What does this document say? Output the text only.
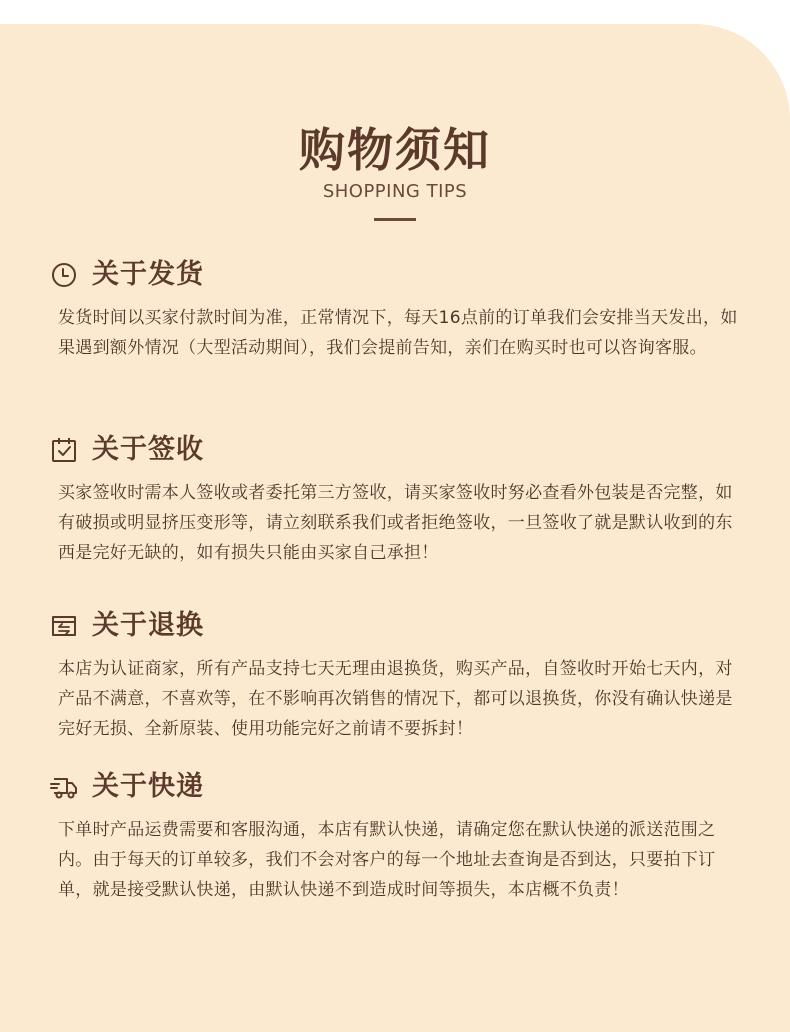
购物须知
SHOPPING TIPS
关于发货
发货时间以买家付款时间为准，正常情况下，每天16点前的订单我们会安排当天发出，如果遇到额外情况（大型活动期间），我们会提前告知，亲们在购买时也可以咨询客服。
关于签收
买家签收时需本人签收或者委托第三方签收，请买家签收时努必查看外包装是否完整，如有破损或明显挤压变形等，请立刻联系我们或者拒绝签收，一旦签收了就是默认收到的东西是完好无缺的，如有损失只能由买家自己承担！
关于退换
本店为认证商家，所有产品支持七天无理由退换货，购买产品，自签收时开始七天内，对产品不满意，不喜欢等，在不影响再次销售的情况下，都可以退换货，你没有确认快递是完好无损、全新原装、使用功能完好之前请不要拆封！
关于快递
下单时产品运费需要和客服沟通，本店有默认快递，请确定您在默认快递的派送范围之内。由于每天的订单较多，我们不会对客户的每一个地址去查询是否到达，只要拍下订单，就是接受默认快递，由默认快递不到造成时间等损失，本店概不负责！
